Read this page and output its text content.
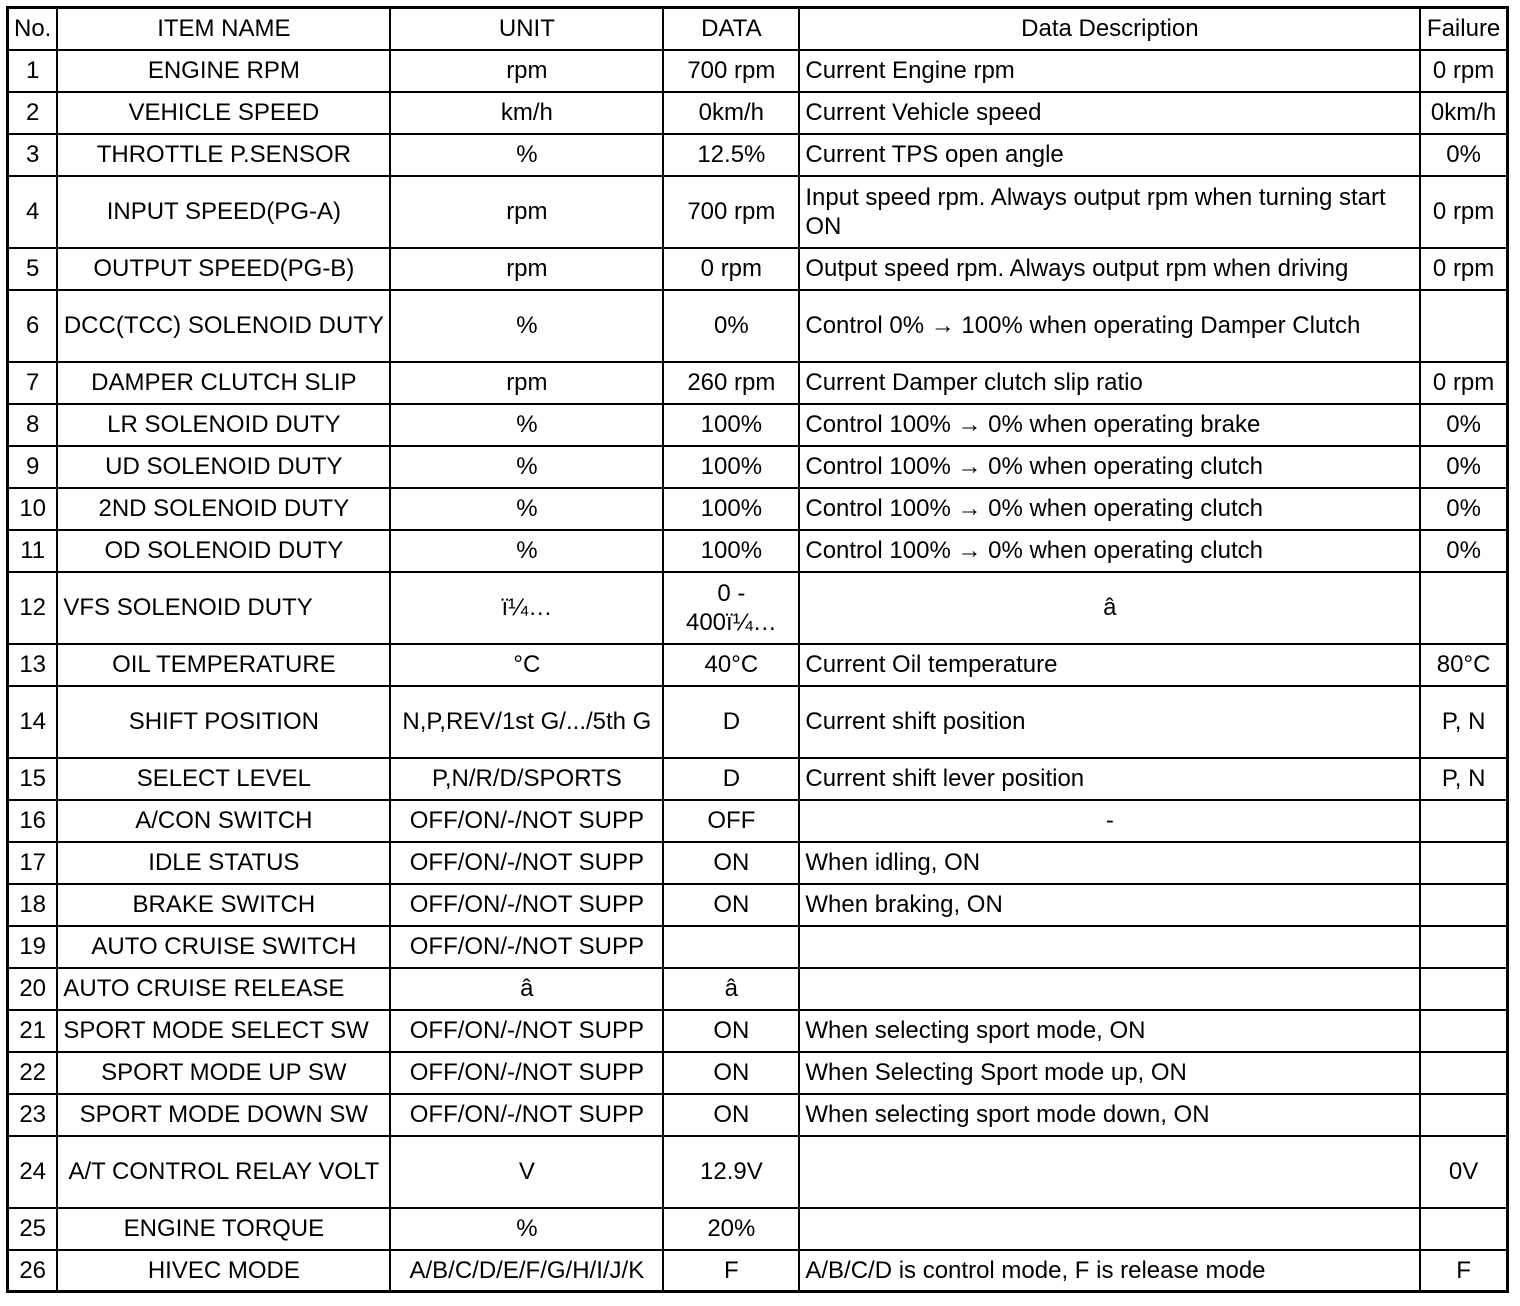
No.	ITEM NAME	UNIT	DATA	Data Description	Failure
1	ENGINE RPM	rpm	700 rpm	Current Engine rpm	0 rpm
2	VEHICLE SPEED	km/h	0km/h	Current Vehicle speed	0km/h
3	THROTTLE P.SENSOR	%	12.5%	Current TPS open angle	0%
4	INPUT SPEED(PG-A)	rpm	700 rpm	Input speed rpm. Always output rpm when turning start ON	0 rpm
5	OUTPUT SPEED(PG-B)	rpm	0 rpm	Output speed rpm. Always output rpm when driving	0 rpm
6	DCC(TCC) SOLENOID DUTY	%	0%	Control 0% → 100% when operating Damper Clutch	
7	DAMPER CLUTCH SLIP	rpm	260 rpm	Current Damper clutch slip ratio	0 rpm
8	LR SOLENOID DUTY	%	100%	Control 100% → 0% when operating brake	0%
9	UD SOLENOID DUTY	%	100%	Control 100% → 0% when operating clutch	0%
10	2ND SOLENOID DUTY	%	100%	Control 100% → 0% when operating clutch	0%
11	OD SOLENOID DUTY	%	100%	Control 100% → 0% when operating clutch	0%
12	VFS SOLENOID DUTY	ï¼…	0 - 400ï¼…	â	
13	OIL TEMPERATURE	°C	40°C	Current Oil temperature	80°C
14	SHIFT POSITION	N,P,REV/1st G/.../5th G	D	Current shift position	P, N
15	SELECT LEVEL	P,N/R/D/SPORTS	D	Current shift lever position	P, N
16	A/CON SWITCH	OFF/ON/-/NOT SUPP	OFF	-	
17	IDLE STATUS	OFF/ON/-/NOT SUPP	ON	When idling, ON	
18	BRAKE SWITCH	OFF/ON/-/NOT SUPP	ON	When braking, ON	
19	AUTO CRUISE SWITCH	OFF/ON/-/NOT SUPP			
20	AUTO CRUISE RELEASE	â	â		
21	SPORT MODE SELECT SW	OFF/ON/-/NOT SUPP	ON	When selecting sport mode, ON	
22	SPORT MODE UP SW	OFF/ON/-/NOT SUPP	ON	When Selecting Sport mode up, ON	
23	SPORT MODE DOWN SW	OFF/ON/-/NOT SUPP	ON	When selecting sport mode down, ON	
24	A/T CONTROL RELAY VOLT	V	12.9V		0V
25	ENGINE TORQUE	%	20%		
26	HIVEC MODE	A/B/C/D/E/F/G/H/I/J/K	F	A/B/C/D is control mode, F is release mode	F
